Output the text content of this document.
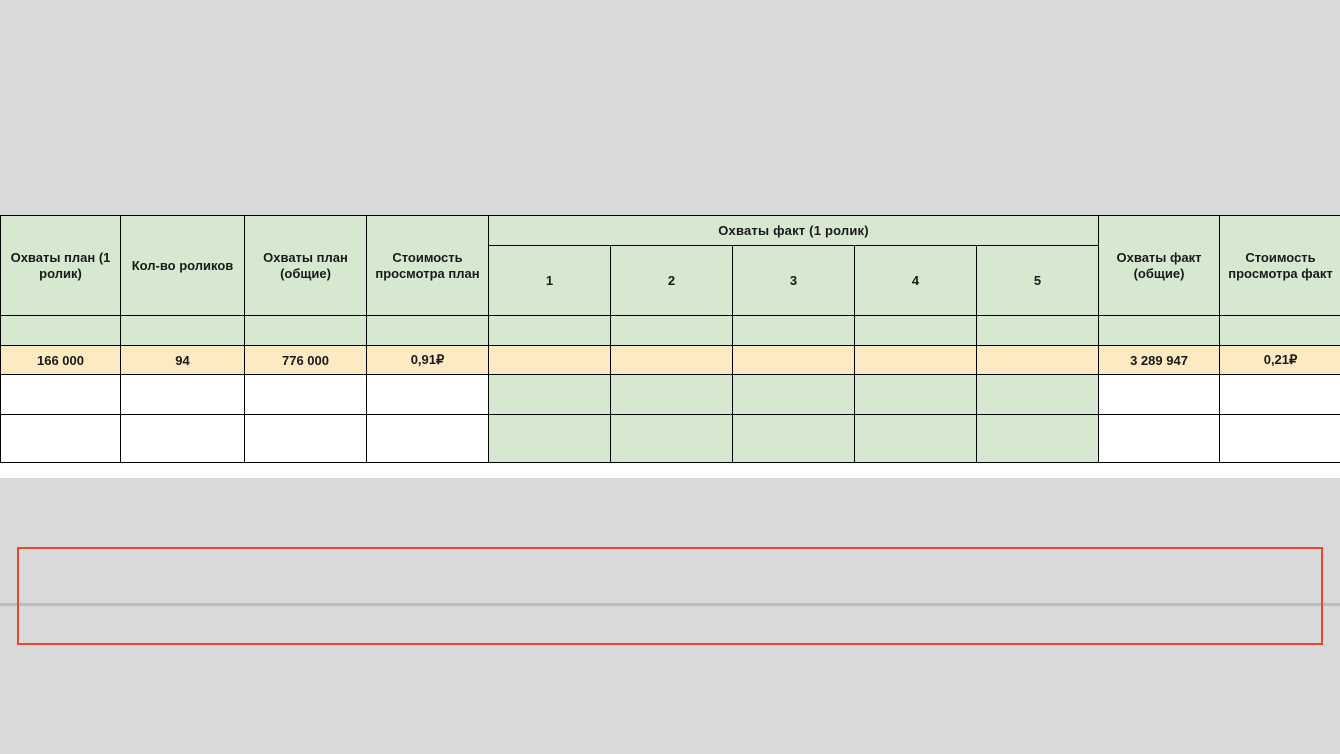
Охваты план (1 ролик)	Кол-во роликов	Охваты план (общие)	Стоимость просмотра план	Охваты факт (1 ролик)					Охваты факт (общие)	Стоимость просмотра факт	
				1	2	3	4	5			

166 000	94	776 000	0,91₽						3 289 947	0,21₽	
